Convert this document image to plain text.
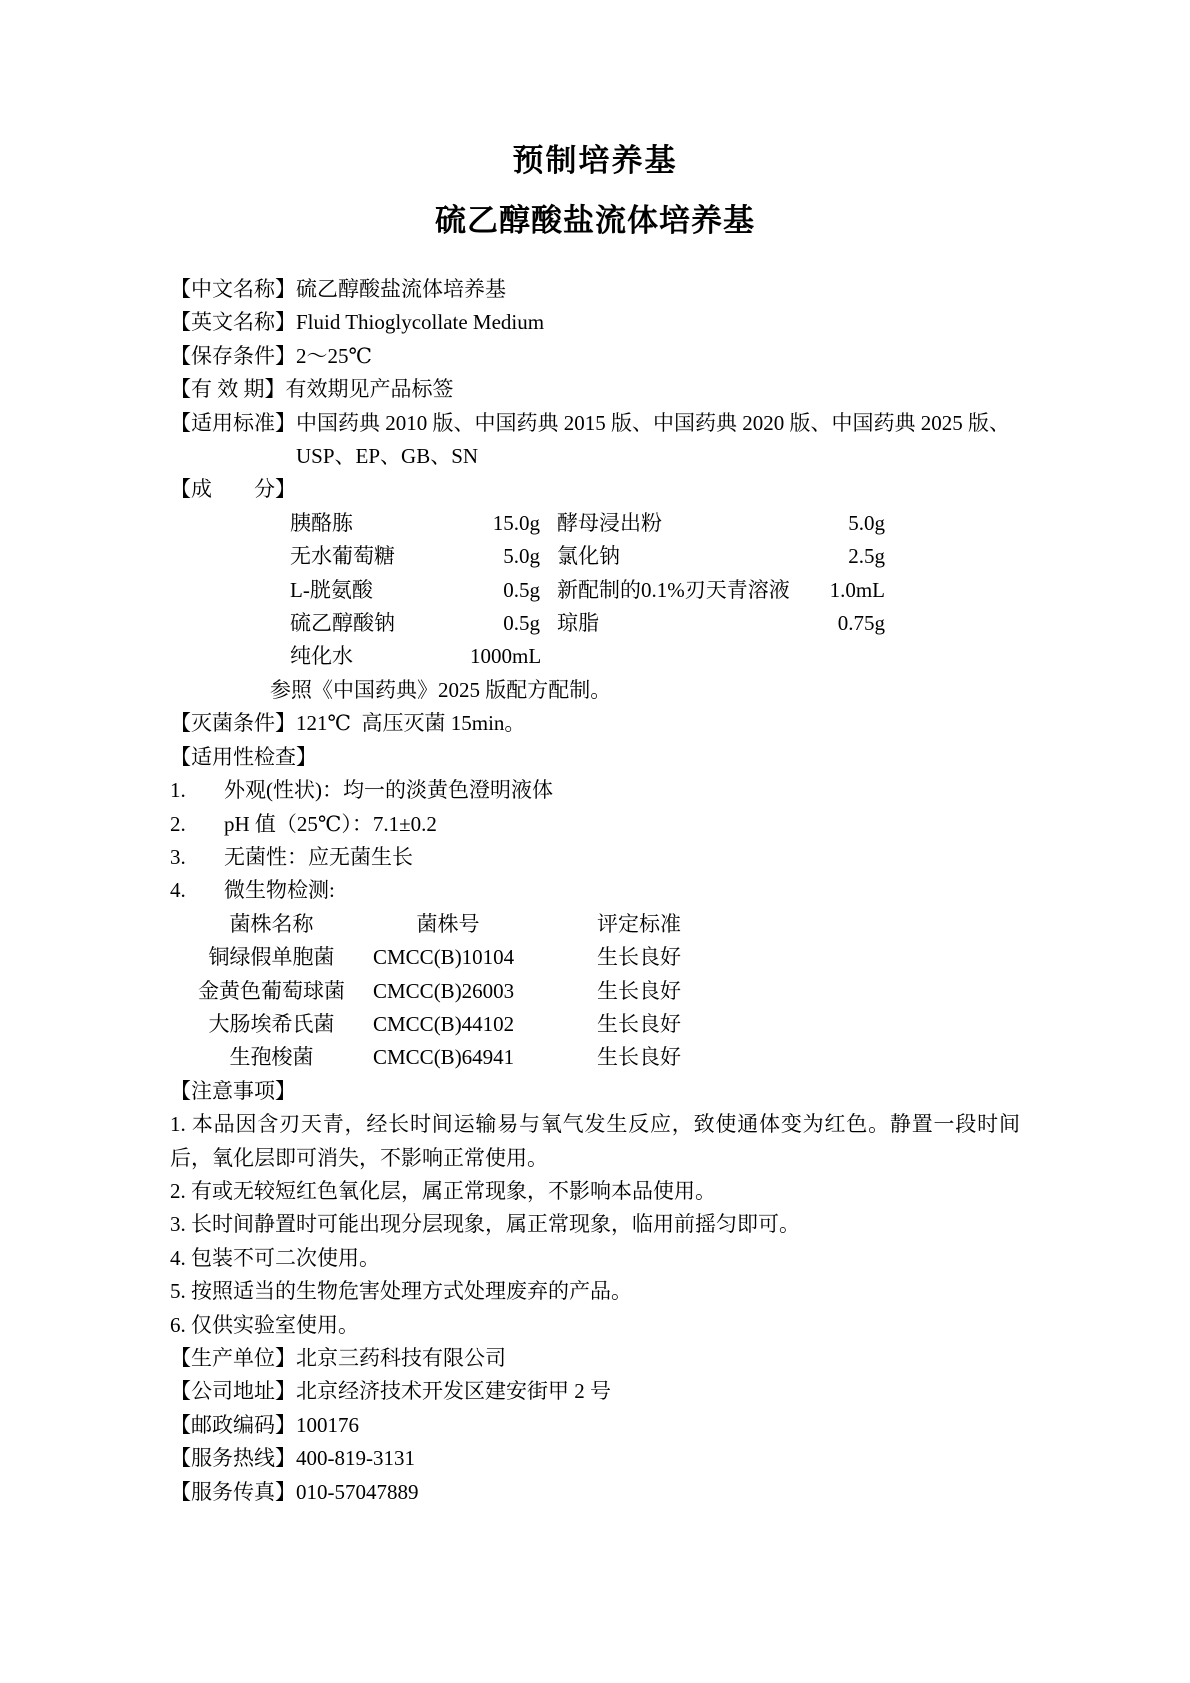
预制培养基
硫乙醇酸盐流体培养基
【中文名称】 硫乙醇酸盐流体培养基
【英文名称】 Fluid Thioglycollate Medium
【保存条件】 2～25℃
【有 效 期】 有效期见产品标签
【适用标准】 中国药典 2010 版、中国药典 2015 版、中国药典 2020 版、中国药典 2025 版、
USP、EP、GB、SN
【成　　分】
胰酪胨	15.0g 酵母浸出粉	5.0g
无水葡萄糖	5.0g 氯化钠	2.5g
L-胱氨酸	0.5g 新配制的0.1%刃天青溶液	1.0mL
硫乙醇酸钠	0.5g 琼脂	0.75g
纯化水	1000mL
参照《中国药典》2025 版配方配制。
【灭菌条件】 121℃  高压灭菌 15min。
【适用性检查】
1.	外观(性状)：均一的淡黄色澄明液体
2.	pH 值（25℃）：7.1±0.2
3.	无菌性：应无菌生长
4.	微生物检测:
菌株名称	菌株号	评定标准
铜绿假单胞菌	CMCC(B)10104	生长良好
金黄色葡萄球菌	CMCC(B)26003	生长良好
大肠埃希氏菌	CMCC(B)44102	生长良好
生孢梭菌	CMCC(B)64941	生长良好
【注意事项】
1. 本品因含刃天青，经长时间运输易与氧气发生反应，致使通体变为红色。静置一段时间后，氧化层即可消失，不影响正常使用。
2. 有或无较短红色氧化层，属正常现象，不影响本品使用。
3. 长时间静置时可能出现分层现象，属正常现象，临用前摇匀即可。
4. 包装不可二次使用。
5. 按照适当的生物危害处理方式处理废弃的产品。
6. 仅供实验室使用。
【生产单位】 北京三药科技有限公司
【公司地址】 北京经济技术开发区建安街甲 2 号
【邮政编码】 100176
【服务热线】 400-819-3131
【服务传真】 010-57047889
